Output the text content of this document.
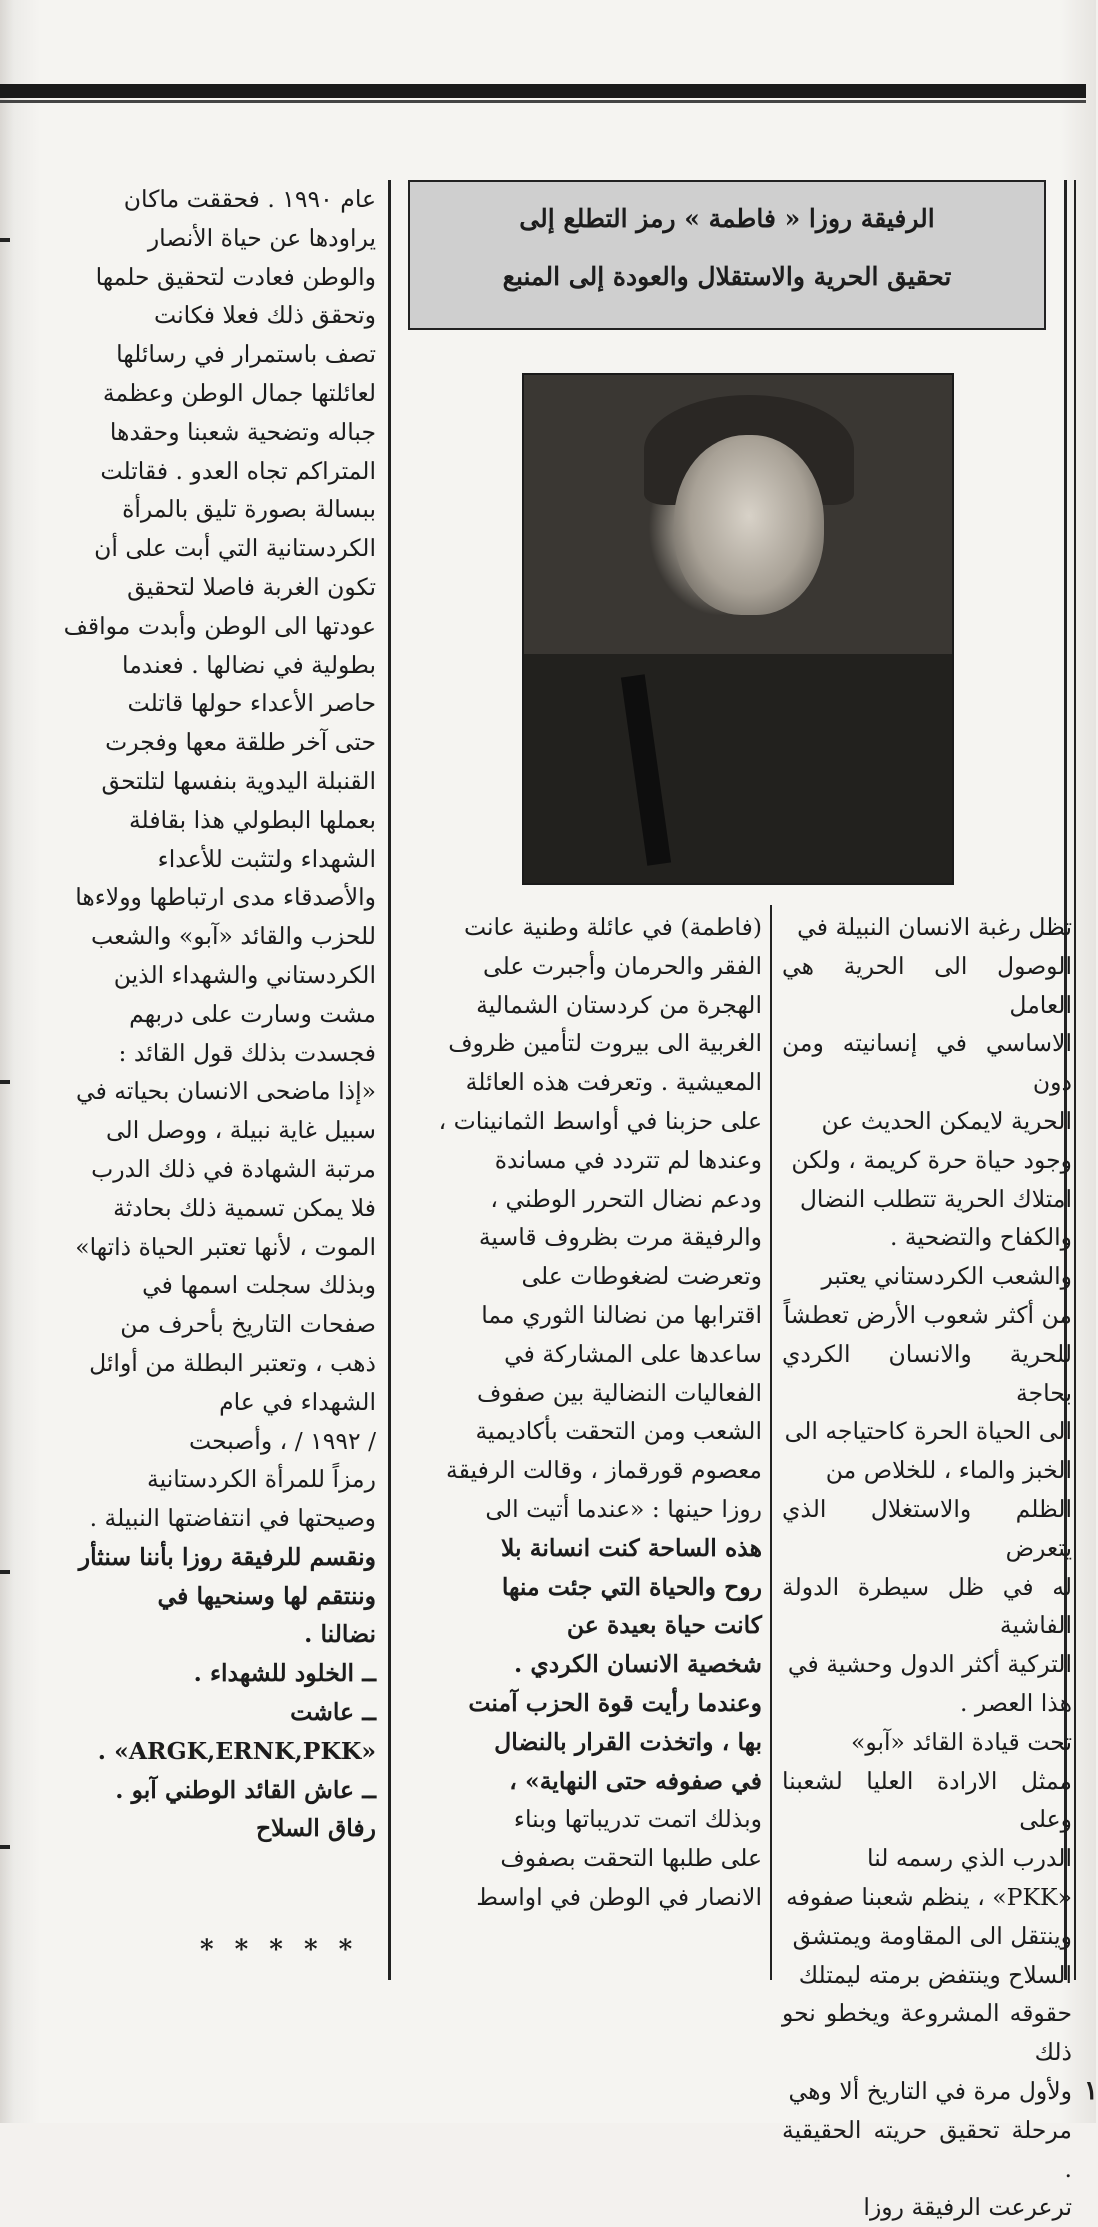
الرفيقة روزا « فاطمة » رمز التطلع إلى
تحقيق الحرية والاستقلال والعودة إلى المنبع

تظل رغبة الانسان النبيلة في

الوصول الى الحرية هي العامل

الاساسي في إنسانيته ومن دون

الحرية لايمكن الحديث عن

وجود حياة حرة كريمة ، ولكن

امتلاك الحرية تتطلب النضال

والكفاح والتضحية .

والشعب الكردستاني يعتبر

من أكثر شعوب الأرض تعطشاً

للحرية والانسان الكردي بحاجة

الى الحياة الحرة كاحتياجه الى

الخبز والماء ، للخلاص من

الظلم والاستغلال الذي يتعرض

له في ظل سيطرة الدولة الفاشية

التركية أكثر الدول وحشية في

هذا العصر .

تحت قيادة القائد «آبو»

ممثل الارادة العليا لشعبنا وعلى

الدرب الذي رسمه لنا

«PKK» ، ينظم شعبنا صفوفه

وينتقل الى المقاومة ويمتشق

السلاح وينتفض برمته ليمتلك

حقوقه المشروعة ويخطو نحو ذلك

ولأول مرة في التاريخ ألا وهي

مرحلة تحقيق حريته الحقيقية .

ترعرعت الرفيقة روزا

(فاطمة) في عائلة وطنية عانت

الفقر والحرمان وأجبرت على

الهجرة من كردستان الشمالية

الغربية الى بيروت لتأمين ظروف

المعيشية . وتعرفت هذه العائلة

على حزبنا في أواسط الثمانينات ،

وعندها لم تتردد في مساندة

ودعم نضال التحرر الوطني ،

والرفيقة مرت بظروف قاسية

وتعرضت لضغوطات على

اقترابها من نضالنا الثوري مما

ساعدها على المشاركة في

الفعاليات النضالية بين صفوف

الشعب ومن التحقت بأكاديمية

معصوم قورقماز ، وقالت الرفيقة

روزا حينها : «عندما أتيت الى

هذه الساحة كنت انسانة بلا

روح والحياة التي جئت منها

كانت حياة بعيدة عن

شخصية الانسان الكردي .

وعندما رأيت قوة الحزب آمنت

بها ، واتخذت القرار بالنضال

في صفوفه حتى النهاية» ،

وبذلك اتمت تدريباتها وبناء

على طلبها التحقت بصفوف

الانصار في الوطن في اواسط

عام ١٩٩٠ . فحققت ماكان

يراودها عن حياة الأنصار

والوطن فعادت لتحقيق حلمها

وتحقق ذلك فعلا فكانت

تصف باستمرار في رسائلها

لعائلتها جمال الوطن وعظمة

جباله وتضحية شعبنا وحقدها

المتراكم تجاه العدو . فقاتلت

ببسالة بصورة تليق بالمرأة

الكردستانية التي أبت على أن

تكون الغربة فاصلا لتحقيق

عودتها الى الوطن وأبدت مواقف

بطولية في نضالها . فعندما

حاصر الأعداء حولها قاتلت

حتى آخر طلقة معها وفجرت

القنبلة اليدوية بنفسها لتلتحق

بعملها البطولي هذا بقافلة

الشهداء ولتثبت للأعداء

والأصدقاء مدى ارتباطها وولاءها

للحزب والقائد «آبو» والشعب

الكردستاني والشهداء الذين

مشت وسارت على دربهم

فجسدت بذلك قول القائد :

«إذا ماضحى الانسان بحياته في

سبيل غاية نبيلة ، ووصل الى

مرتبة الشهادة في ذلك الدرب

فلا يمكن تسمية ذلك بحادثة

الموت ، لأنها تعتبر الحياة ذاتها»

وبذلك سجلت اسمها في

صفحات التاريخ بأحرف من

ذهب ، وتعتبر البطلة من أوائل

الشهداء في عام

/ ١٩٩٢ / ، وأصبحت

رمزاً للمرأة الكردستانية

وصيحتها في انتفاضتها النبيلة .

ونقسم للرفيقة روزا بأننا سنثأر

وننتقم لها وسنحيها في

نضالنا .

ــ الخلود للشهداء .

ــ عاشت

«ARGK,ERNK,PKK» .

ــ عاش القائد الوطني آبو .

رفاق السلاح

* * * * *
١
